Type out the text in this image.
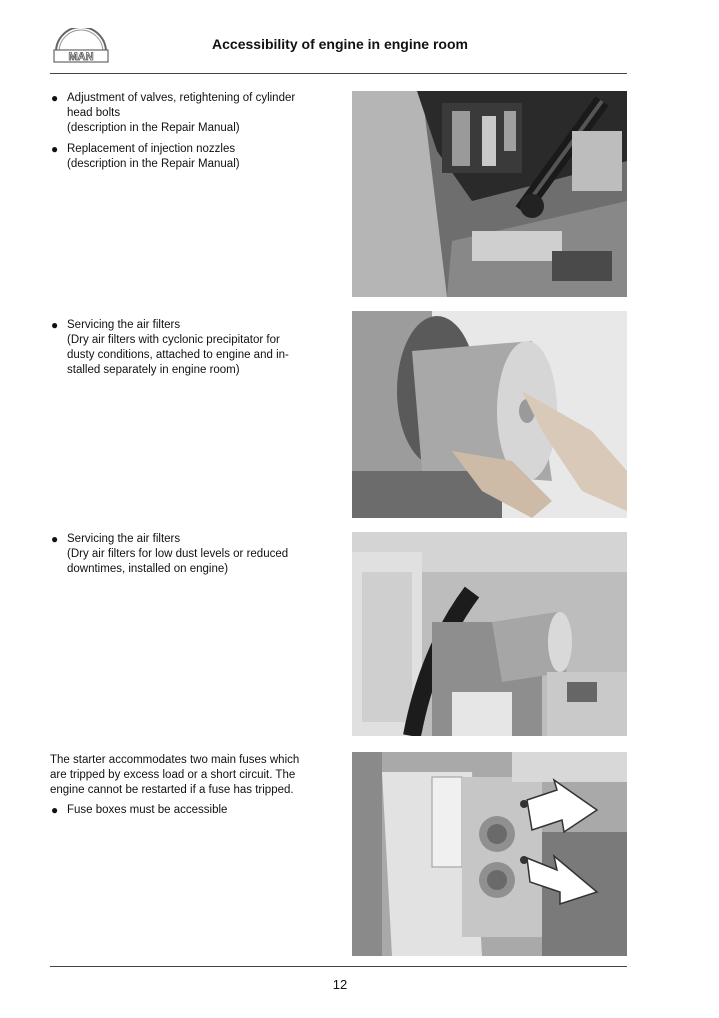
MAN
Accessibility of engine in engine room
● Adjustment of valves, retightening of cylinder
head bolts
(description in the Repair Manual)
● Replacement of injection nozzles
(description in the Repair Manual)
● Servicing the air filters
(Dry air filters with cyclonic precipitator for
dusty conditions, attached to engine and in-
stalled separately in engine room)
● Servicing the air filters
(Dry air filters for low dust levels or reduced
downtimes, installed on engine)
The starter accommodates two main fuses which
are tripped by excess load or a short circuit. The
engine cannot be restarted if a fuse has tripped.
● Fuse boxes must be accessible
12
